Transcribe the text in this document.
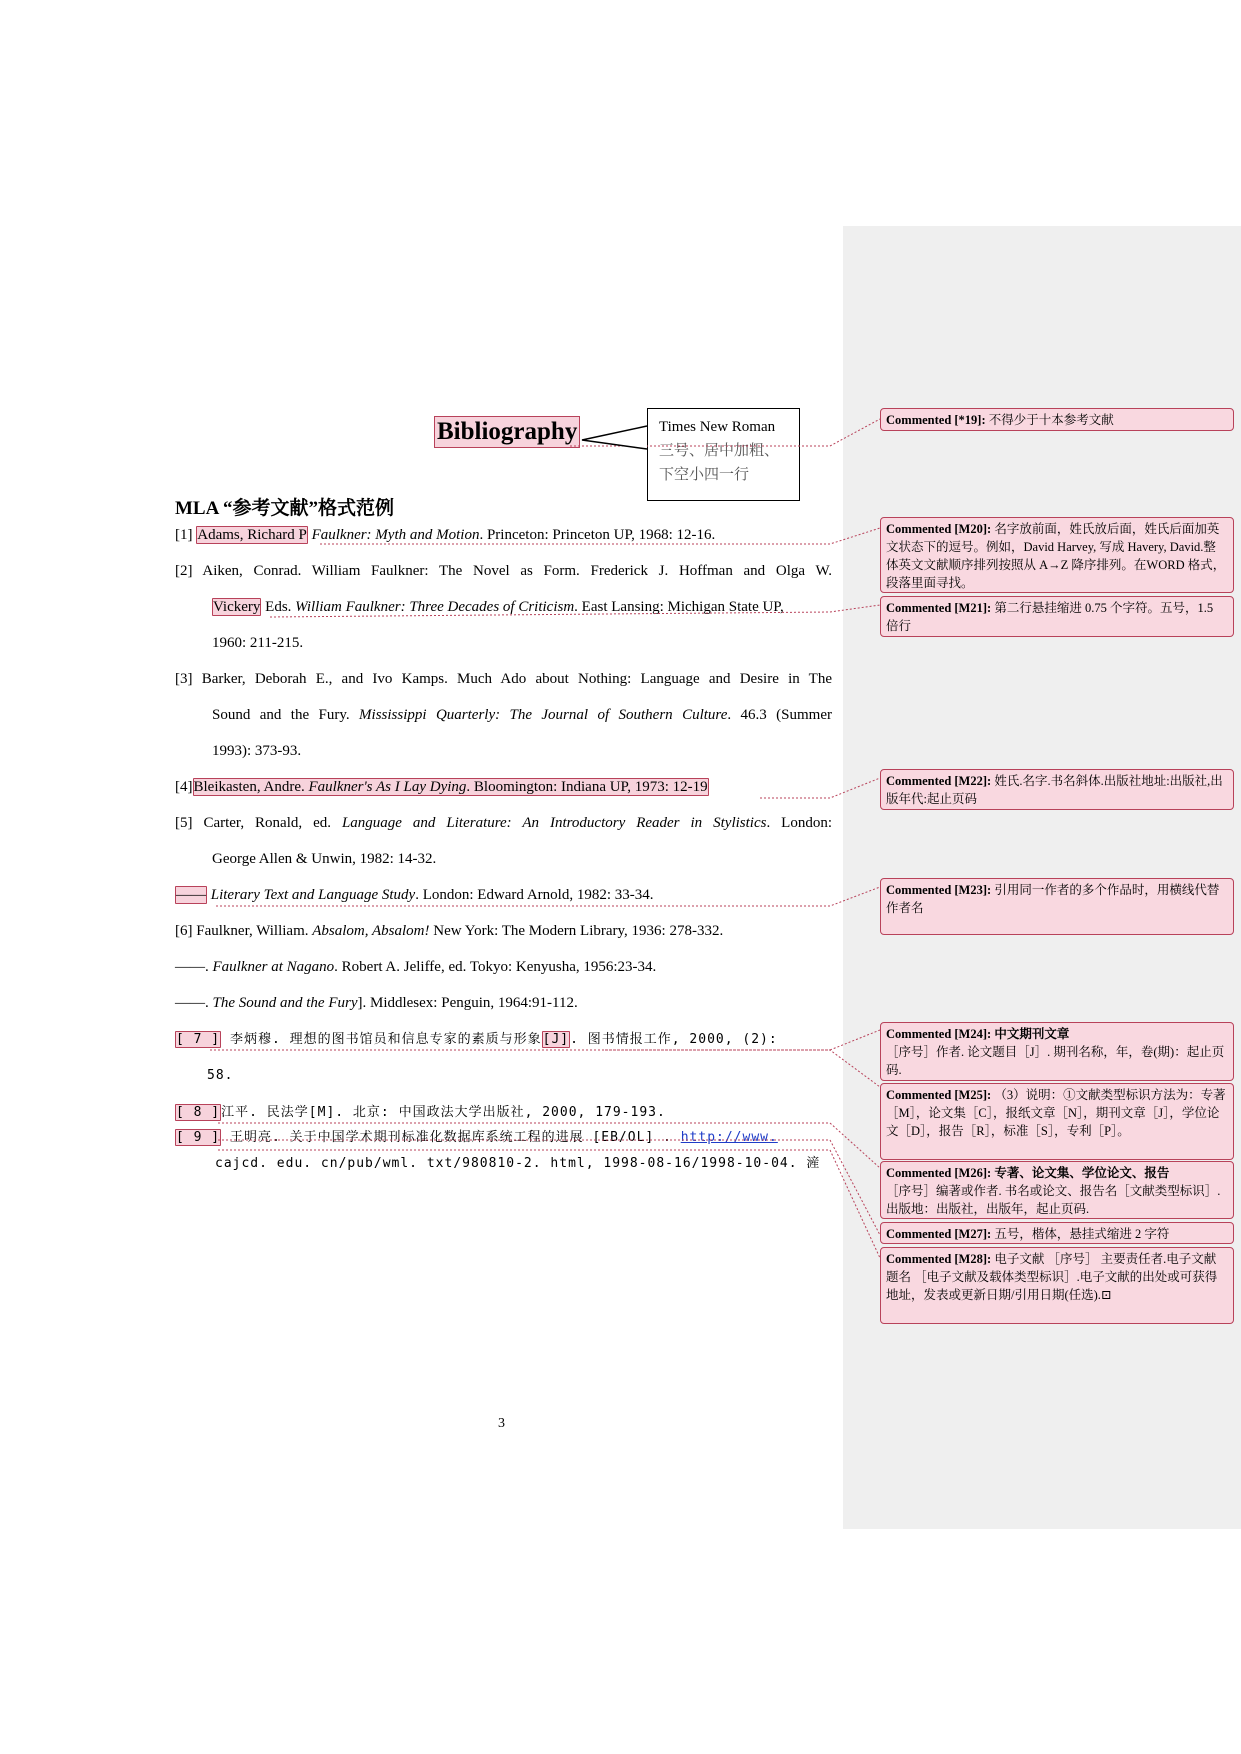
Bibliography	Times New Roman
三号、居中加粗、
下空小四一行
MLA “参考文献”格式范例
[1] Adams, Richard P Faulkner: Myth and Motion. Princeton: Princeton UP, 1968: 12-16.
[2] Aiken, Conrad. William Faulkner: The Novel as Form. Frederick J. Hoffman and Olga W.
Vickery Eds. William Faulkner: Three Decades of Criticism. East Lansing: Michigan State UP,
1960: 211-215.
[3] Barker, Deborah E., and Ivo Kamps. Much Ado about Nothing: Language and Desire in The
Sound and the Fury. Mississippi Quarterly: The Journal of Southern Culture. 46.3 (Summer
1993): 373-93.
[4]Bleikasten, Andre. Faulkner's As I Lay Dying. Bloomington: Indiana UP, 1973: 12-19
[5] Carter, Ronald, ed. Language and Literature: An Introductory Reader in Stylistics. London:
George Allen & Unwin, 1982: 14-32.
—— Literary Text and Language Study. London: Edward Arnold, 1982: 33-34.
[6] Faulkner, William. Absalom, Absalom! New York: The Modern Library, 1936: 278-332.
——. Faulkner at Nagano. Robert A. Jeliffe, ed. Tokyo: Kenyusha, 1956:23-34.
——. The Sound and the Fury]. Middlesex: Penguin, 1964:91-112.
[ 7 ] 李炳穆. 理想的图书馆员和信息专家的素质与形象[J]. 图书情报工作, 2000, (2):
58.
[ 8 ]江平. 民法学[M]. 北京: 中国政法大学出版社, 2000, 179-193.
[ 9 ] 王明亮. 关于中国学术期刊标准化数据库系统工程的进展 [EB/OL] . http://www.
cajcd. edu. cn/pub/wml. txt/980810-2. html, 1998-08-16/1998-10-04. 滻
3
Commented [*19]: 不得少于十本参考文献
Commented [M20]: 名字放前面，姓氏放后面，姓氏后面加英文状态下的逗号。例如，David Harvey, 写成 Havery, David.整体英文文献顺序排列按照从 A→Z 降序排列。在WORD 格式，段落里面寻找。
Commented [M21]: 第二行悬挂缩进 0.75 个字符。五号，1.5 倍行
Commented [M22]: 姓氏.名字.书名斜体.出版社地址:出版社,出版年代:起止页码
Commented [M23]: 引用同一作者的多个作品时，用横线代替作者名
Commented [M24]: 中文期刊文章
［序号］作者. 论文题目［J］. 期刊名称，年，卷(期)：起止页码.
Commented [M25]: （3）说明：①文献类型标识方法为：专著［M］，论文集［C］，报纸文章［N］，期刊文章［J］，学位论文［D］，报告［R］，标准［S］，专利［P］。
Commented [M26]: 专著、论文集、学位论文、报告
［序号］编著或作者. 书名或论文、报告名［文献类型标识］. 出版地：出版社，出版年，起止页码.
Commented [M27]: 五号，楷体，悬挂式缩进 2 字符
Commented [M28]: 电子文献 ［序号］ 主要责任者.电子文献题名 ［电子文献及载体类型标识］.电子文献的出处或可获得地址，发表或更新日期/引用日期(任选).⊡
